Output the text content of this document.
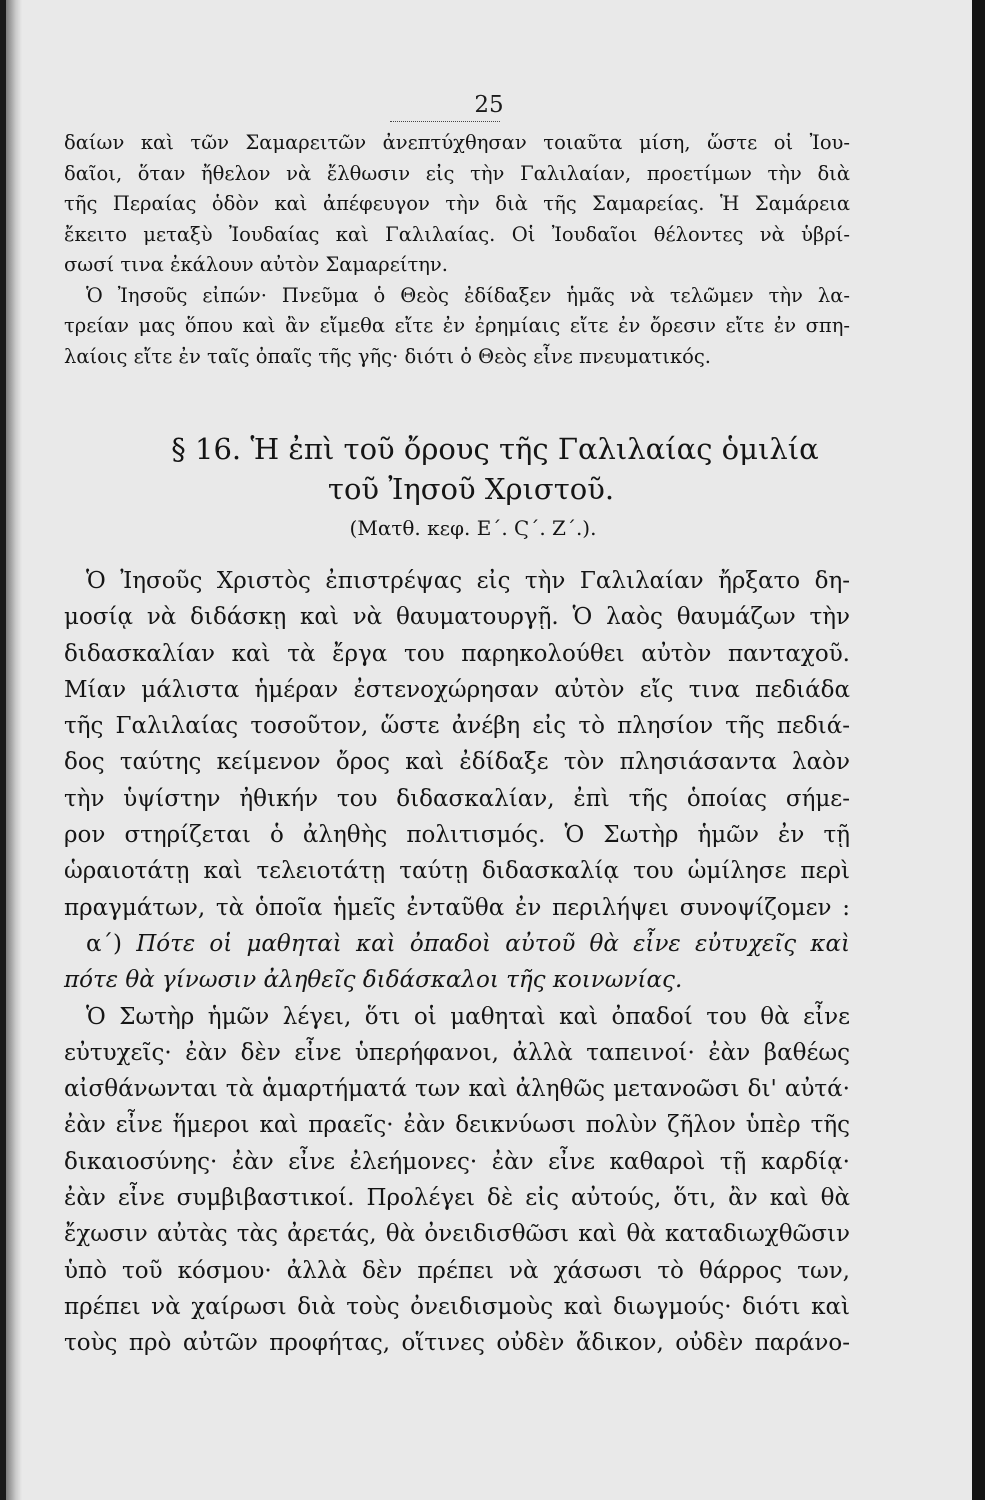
25
δαίων καὶ τῶν Σαμαρειτῶν ἀνεπτύχθησαν τοιαῦτα μίση, ὥστε οἱ Ἰου-
δαῖοι, ὅταν ἤθελον νὰ ἔλθωσιν εἰς τὴν Γαλιλαίαν, προετίμων τὴν διὰ
τῆς Περαίας ὁδὸν καὶ ἀπέφευγον τὴν διὰ τῆς Σαμαρείας. Ἡ Σαμάρεια
ἔκειτο μεταξὺ Ἰουδαίας καὶ Γαλιλαίας. Οἱ Ἰουδαῖοι θέλοντες νὰ ὑβρί-
σωσί τινα ἐκάλουν αὐτὸν Σαμαρείτην.
Ὁ Ἰησοῦς εἰπών· Πνεῦμα ὁ Θεὸς ἐδίδαξεν ἡμᾶς νὰ τελῶμεν τὴν λα-
τρείαν μας ὅπου καὶ ἂν εἴμεθα εἴτε ἐν ἐρημίαις εἴτε ἐν ὄρεσιν εἴτε ἐν σπη-
λαίοις εἴτε ἐν ταῖς ὀπαῖς τῆς γῆς· διότι ὁ Θεὸς εἶνε πνευματικός.
§ 16. Ἡ ἐπὶ τοῦ ὄρους τῆς Γαλιλαίας ὁμιλία
τοῦ Ἰησοῦ Χριστοῦ.
(Ματθ. κεφ. Ε΄. Ϛ΄. Ζ΄.).
Ὁ Ἰησοῦς Χριστὸς ἐπιστρέψας εἰς τὴν Γαλιλαίαν ἤρξατο δη-
μοσίᾳ νὰ διδάσκῃ καὶ νὰ θαυματουργῇ. Ὁ λαὸς θαυμάζων τὴν
διδασκαλίαν καὶ τὰ ἔργα του παρηκολούθει αὐτὸν πανταχοῦ.
Μίαν μάλιστα ἡμέραν ἐστενοχώρησαν αὐτὸν εἴς τινα πεδιάδα
τῆς Γαλιλαίας τοσοῦτον, ὥστε ἀνέβη εἰς τὸ πλησίον τῆς πεδιά-
δος ταύτης κείμενον ὄρος καὶ ἐδίδαξε τὸν πλησιάσαντα λαὸν
τὴν ὑψίστην ἠθικήν του διδασκαλίαν, ἐπὶ τῆς ὁποίας σήμε-
ρον στηρίζεται ὁ ἀληθὴς πολιτισμός. Ὁ Σωτὴρ ἡμῶν ἐν τῇ
ὡραιοτάτῃ καὶ τελειοτάτῃ ταύτῃ διδασκαλίᾳ του ὡμίλησε περὶ
πραγμάτων, τὰ ὁποῖα ἡμεῖς ἐνταῦθα ἐν περιλήψει συνοψίζομεν :
α΄) Πότε οἱ μαθηταὶ καὶ ὀπαδοὶ αὐτοῦ θὰ εἶνε εὐτυχεῖς καὶ
πότε θὰ γίνωσιν ἀληθεῖς διδάσκαλοι τῆς κοινωνίας.
Ὁ Σωτὴρ ἡμῶν λέγει, ὅτι οἱ μαθηταὶ καὶ ὀπαδοί του θὰ εἶνε
εὐτυχεῖς· ἐὰν δὲν εἶνε ὑπερήφανοι, ἀλλὰ ταπεινοί· ἐὰν βαθέως
αἰσθάνωνται τὰ ἁμαρτήματά των καὶ ἀληθῶς μετανοῶσι δι' αὐτά·
ἐὰν εἶνε ἥμεροι καὶ πραεῖς· ἐὰν δεικνύωσι πολὺν ζῆλον ὑπὲρ τῆς
δικαιοσύνης· ἐὰν εἶνε ἐλεήμονες· ἐὰν εἶνε καθαροὶ τῇ καρδίᾳ·
ἐὰν εἶνε συμβιβαστικοί. Προλέγει δὲ εἰς αὐτούς, ὅτι, ἂν καὶ θὰ
ἔχωσιν αὐτὰς τὰς ἀρετάς, θὰ ὀνειδισθῶσι καὶ θὰ καταδιωχθῶσιν
ὑπὸ τοῦ κόσμου· ἀλλὰ δὲν πρέπει νὰ χάσωσι τὸ θάρρος των,
πρέπει νὰ χαίρωσι διὰ τοὺς ὀνειδισμοὺς καὶ διωγμούς· διότι καὶ
τοὺς πρὸ αὐτῶν προφήτας, οἵτινες οὐδὲν ἄδικον, οὐδὲν παράνο-
